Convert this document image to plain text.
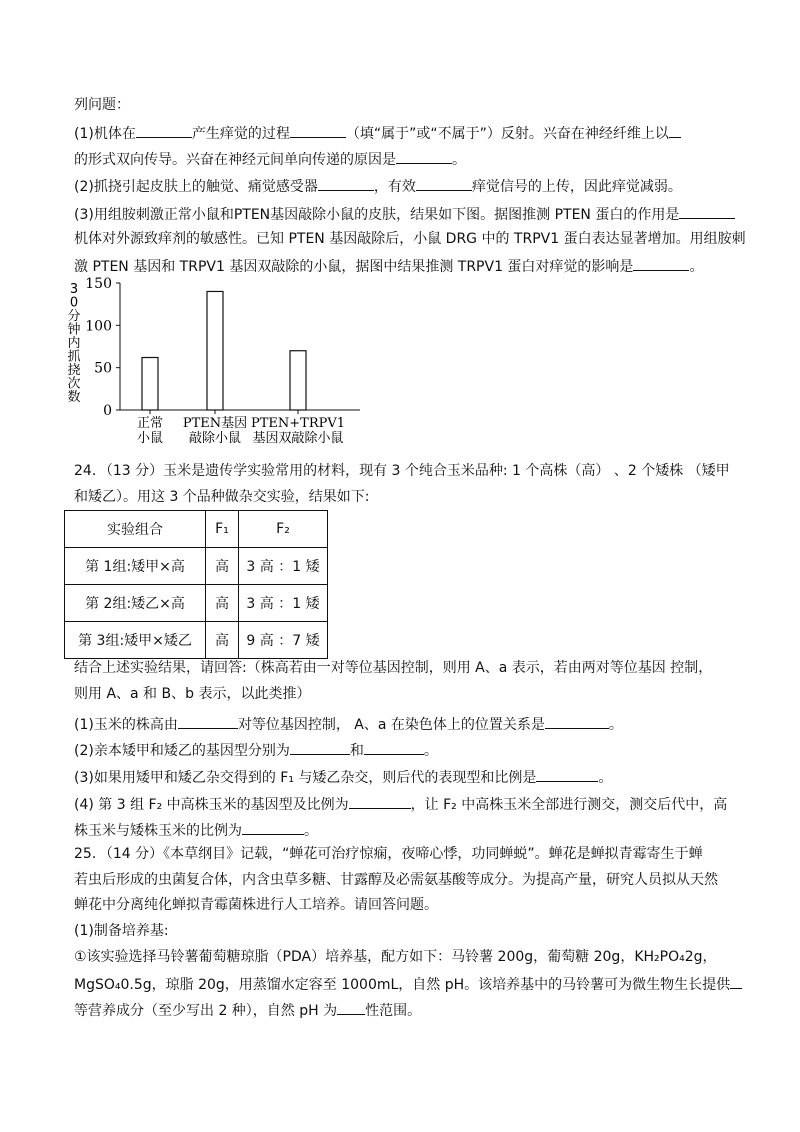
列问题：
(1)机体在	产生痒觉的过程	（填“属于”或“不属于”）反射。兴奋在神经纤维上以
的形式双向传导。兴奋在神经元间单向传递的原因是	。
(2)抓挠引起皮肤上的触觉、痛觉感受器	，有效	痒觉信号的上传，因此痒觉减弱。
(3)用组胺刺激正常小鼠和PTEN基因敲除小鼠的皮肤，结果如下图。据图推测 PTEN 蛋白的作用是
机体对外源致痒剂的敏感性。已知 PTEN 基因敲除后，小鼠 DRG 中的 TRPV1 蛋白表达显著增加。用组胺刺
激 PTEN 基因和 TRPV1 基因双敲除的小鼠，据图中结果推测 TRPV1 蛋白对痒觉的影响是	。
3
0
分
钟
内
抓
挠
次
数
0
50
100
150
正常
小鼠
PTEN基因
敲除小鼠
PTEN+TRPV1
基因双敲除小鼠
24．（13 分）玉米是遗传学实验常用的材料，现有 3 个纯合玉米品种: 1 个高株（高） 、2 个矮株 （矮甲
和矮乙）。用这 3 个品种做杂交实验，结果如下:
实验组合	F₁	F₂
第 1组:矮甲×高	高	3 高 ：1 矮
第 2组:矮乙×高	高	3 高 ：1 矮
第 3组:矮甲×矮乙	高	9 高 ：7 矮
结合上述实验结果，请回答:（株高若由一对等位基因控制，则用 A、a 表示，若由两对等位基因 控制，
则用 A、a 和 B、b 表示，以此类推）
(1)玉米的株高由	对等位基因控制， A、a 在染色体上的位置关系是	。
(2)亲本矮甲和矮乙的基因型分别为	和	。
(3)如果用矮甲和矮乙杂交得到的 F₁ 与矮乙杂交，则后代的表现型和比例是	。
(4) 第 3 组 F₂ 中高株玉米的基因型及比例为	，让 F₂ 中高株玉米全部进行测交，测交后代中，高
株玉米与矮株玉米的比例为	。
25．（14 分）《本草纲目》记载，“蝉花可治疗惊痫，夜啼心悸，功同蝉蜕”。蝉花是蝉拟青霉寄生于蝉
若虫后形成的虫菌复合体，内含虫草多糖、甘露醇及必需氨基酸等成分。为提高产量，研究人员拟从天然
蝉花中分离纯化蝉拟青霉菌株进行人工培养。请回答问题。
(1)制备培养基:
①该实验选择马铃薯葡萄糖琼脂（PDA）培养基，配方如下：马铃薯 200g，葡萄糖 20g，KH₂PO₄2g，
MgSO₄0.5g，琼脂 20g，用蒸馏水定容至 1000mL，自然 pH。该培养基中的马铃薯可为微生物生长提供
等营养成分（至少写出 2 种），自然 pH 为 性范围。
